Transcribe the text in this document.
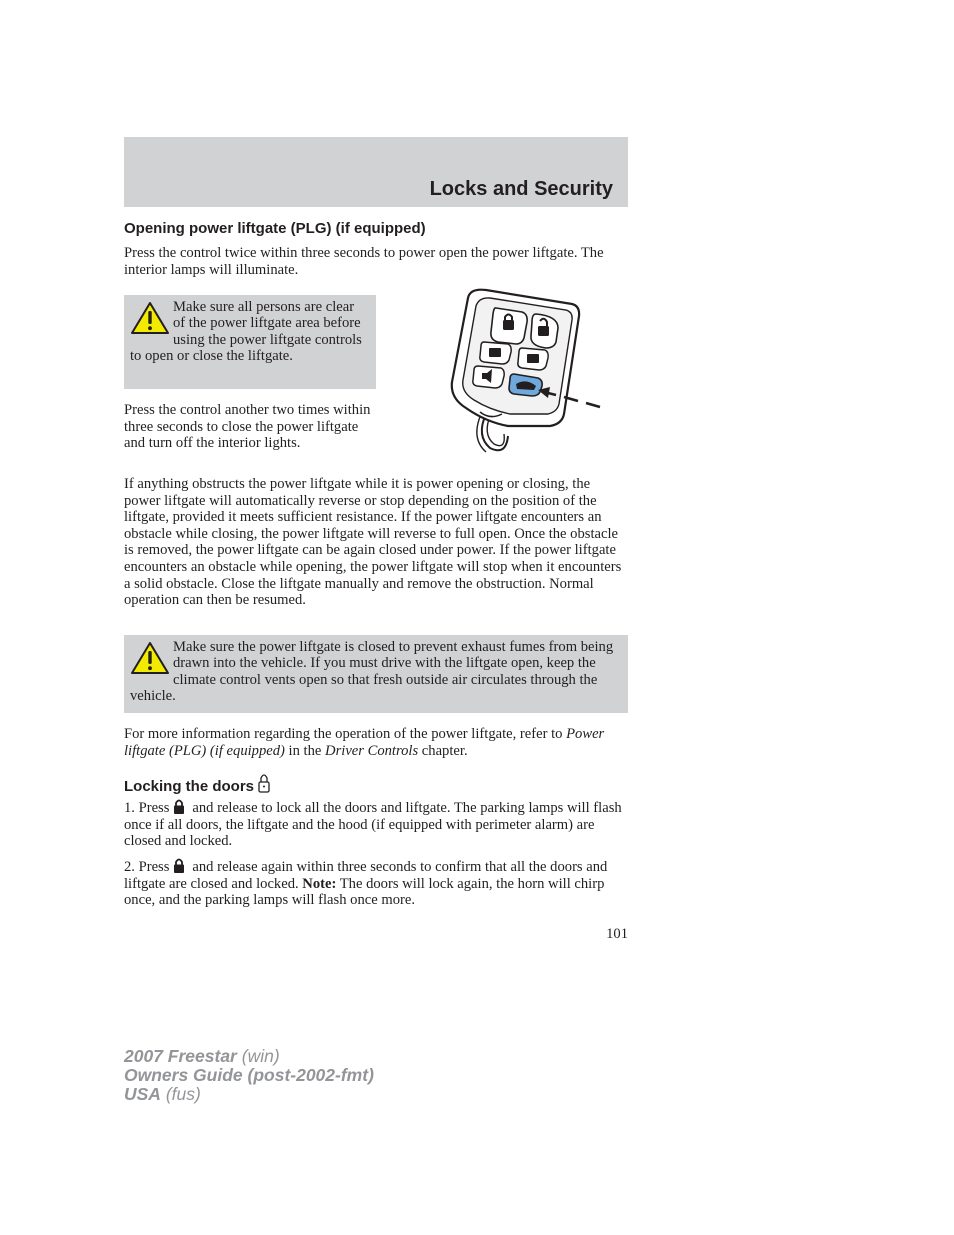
Locks and Security
Opening power liftgate (PLG) (if equipped)

Press the control twice within three seconds to power open the power liftgate. The interior lamps will illuminate.

Make sure all persons are clear of the power liftgate area before using the power liftgate controls to open or close the liftgate.

Press the control another two times within three seconds to close the power liftgate and turn off the interior lights.

If anything obstructs the power liftgate while it is power opening or closing, the power liftgate will automatically reverse or stop depending on the position of the liftgate, provided it meets sufficient resistance. If the power liftgate encounters an obstacle while closing, the power liftgate will reverse to full open. Once the obstacle is removed, the power liftgate can be again closed under power. If the power liftgate encounters an obstacle while opening, the power liftgate will stop when it encounters a solid obstacle. Close the liftgate manually and remove the obstruction. Normal operation can then be resumed.

Make sure the power liftgate is closed to prevent exhaust fumes from being drawn into the vehicle. If you must drive with the liftgate open, keep the climate control vents open so that fresh outside air circulates through the vehicle.

For more information regarding the operation of the power liftgate, refer to Power liftgate (PLG) (if equipped) in the Driver Controls chapter.

Locking the doors

1. Press and release to lock all the doors and liftgate. The parking lamps will flash once if all doors, the liftgate and the hood (if equipped with perimeter alarm) are closed and locked.

2. Press and release again within three seconds to confirm that all the doors and liftgate are closed and locked. Note: The doors will lock again, the horn will chirp once, and the parking lamps will flash once more.

101
2007 Freestar (win)
Owners Guide (post-2002-fmt)
USA (fus)
